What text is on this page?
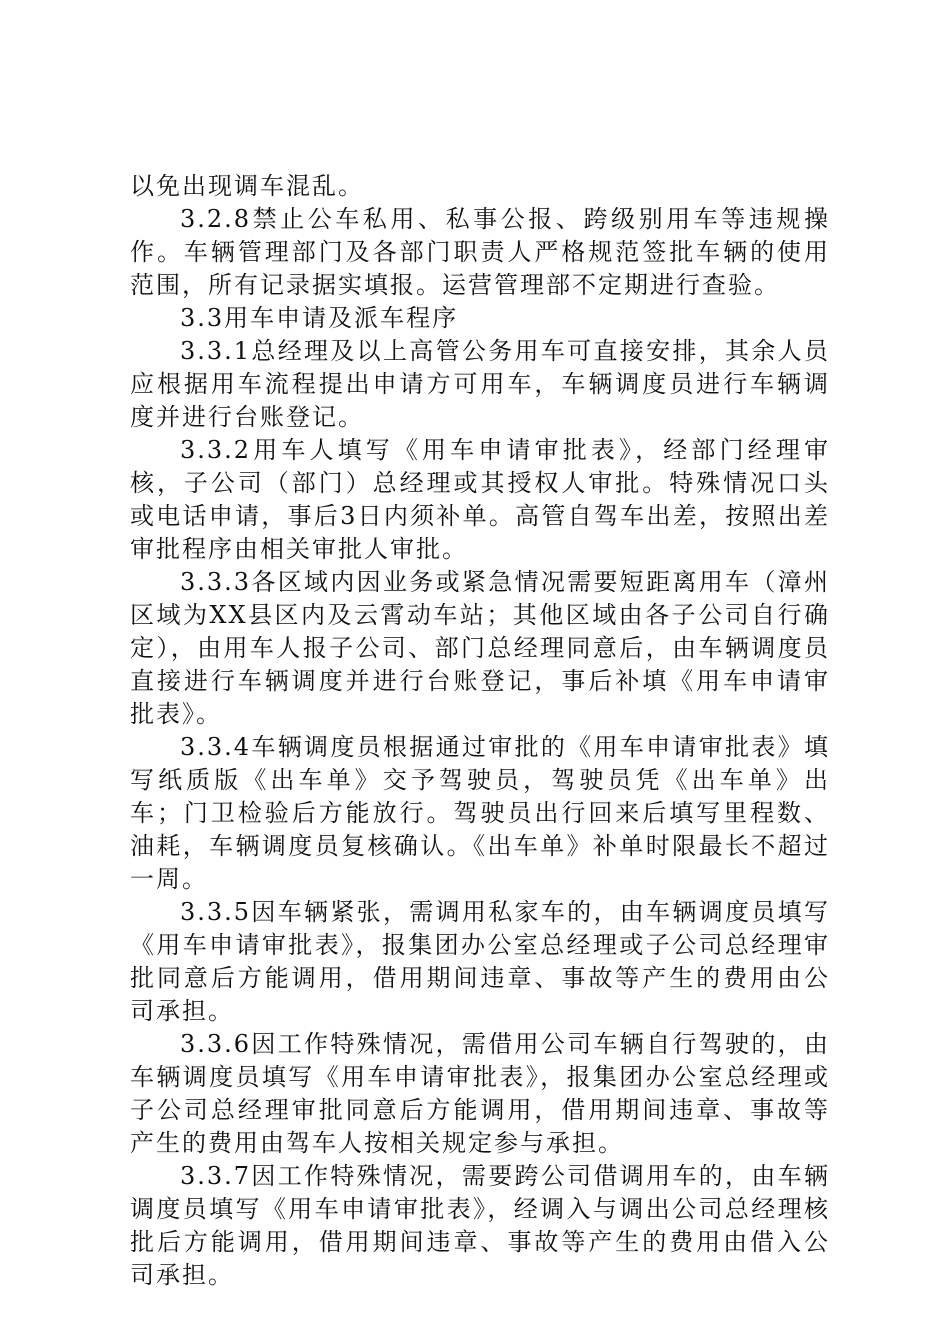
以免出现调车混乱。

3.2.8禁止公车私用、私事公报、跨级别用车等违规操作。车辆管理部门及各部门职责人严格规范签批车辆的使用范围，所有记录据实填报。运营管理部不定期进行查验。

3.3用车申请及派车程序

3.3.1总经理及以上高管公务用车可直接安排，其余人员应根据用车流程提出申请方可用车，车辆调度员进行车辆调度并进行台账登记。

3.3.2用车人填写《用车申请审批表》，经部门经理审核，子公司（部门）总经理或其授权人审批。特殊情况口头或电话申请，事后3日内须补单。高管自驾车出差，按照出差审批程序由相关审批人审批。

3.3.3各区域内因业务或紧急情况需要短距离用车（漳州区域为XX县区内及云霄动车站；其他区域由各子公司自行确定），由用车人报子公司、部门总经理同意后，由车辆调度员直接进行车辆调度并进行台账登记，事后补填《用车申请审批表》。

3.3.4车辆调度员根据通过审批的《用车申请审批表》填写纸质版《出车单》交予驾驶员，驾驶员凭《出车单》出车；门卫检验后方能放行。驾驶员出行回来后填写里程数、油耗，车辆调度员复核确认。《出车单》补单时限最长不超过一周。

3.3.5因车辆紧张，需调用私家车的，由车辆调度员填写《用车申请审批表》，报集团办公室总经理或子公司总经理审批同意后方能调用，借用期间违章、事故等产生的费用由公司承担。

3.3.6因工作特殊情况，需借用公司车辆自行驾驶的，由车辆调度员填写《用车申请审批表》，报集团办公室总经理或子公司总经理审批同意后方能调用，借用期间违章、事故等产生的费用由驾车人按相关规定参与承担。

3.3.7因工作特殊情况，需要跨公司借调用车的，由车辆调度员填写《用车申请审批表》，经调入与调出公司总经理核批后方能调用，借用期间违章、事故等产生的费用由借入公司承担。
